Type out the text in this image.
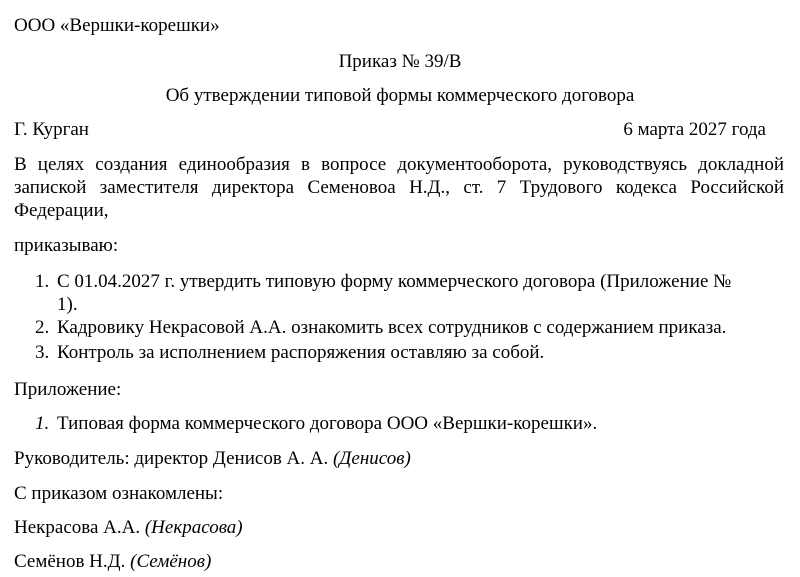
ООО «Вершки-корешки»
Приказ № 39/В
Об утверждении типовой формы коммерческого договора
Г. Курган	6 марта 2027 года
В целях создания единообразия в вопросе документооборота, руководствуясь докладной
запиской заместителя директора Семеновоа Н.Д., ст. 7 Трудового кодекса Российской
Федерации,
приказываю:
1. С 01.04.2027 г. утвердить типовую форму коммерческого договора (Приложение №
1).
2. Кадровику Некрасовой А.А. ознакомить всех сотрудников с содержанием приказа.
3. Контроль за исполнением распоряжения оставляю за собой.
Приложение:
1. Типовая форма коммерческого договора ООО «Вершки-корешки».
Руководитель: директор Денисов А. А. (Денисов)
С приказом ознакомлены:
Некрасова А.А. (Некрасова)
Семёнов Н.Д. (Семёнов)
